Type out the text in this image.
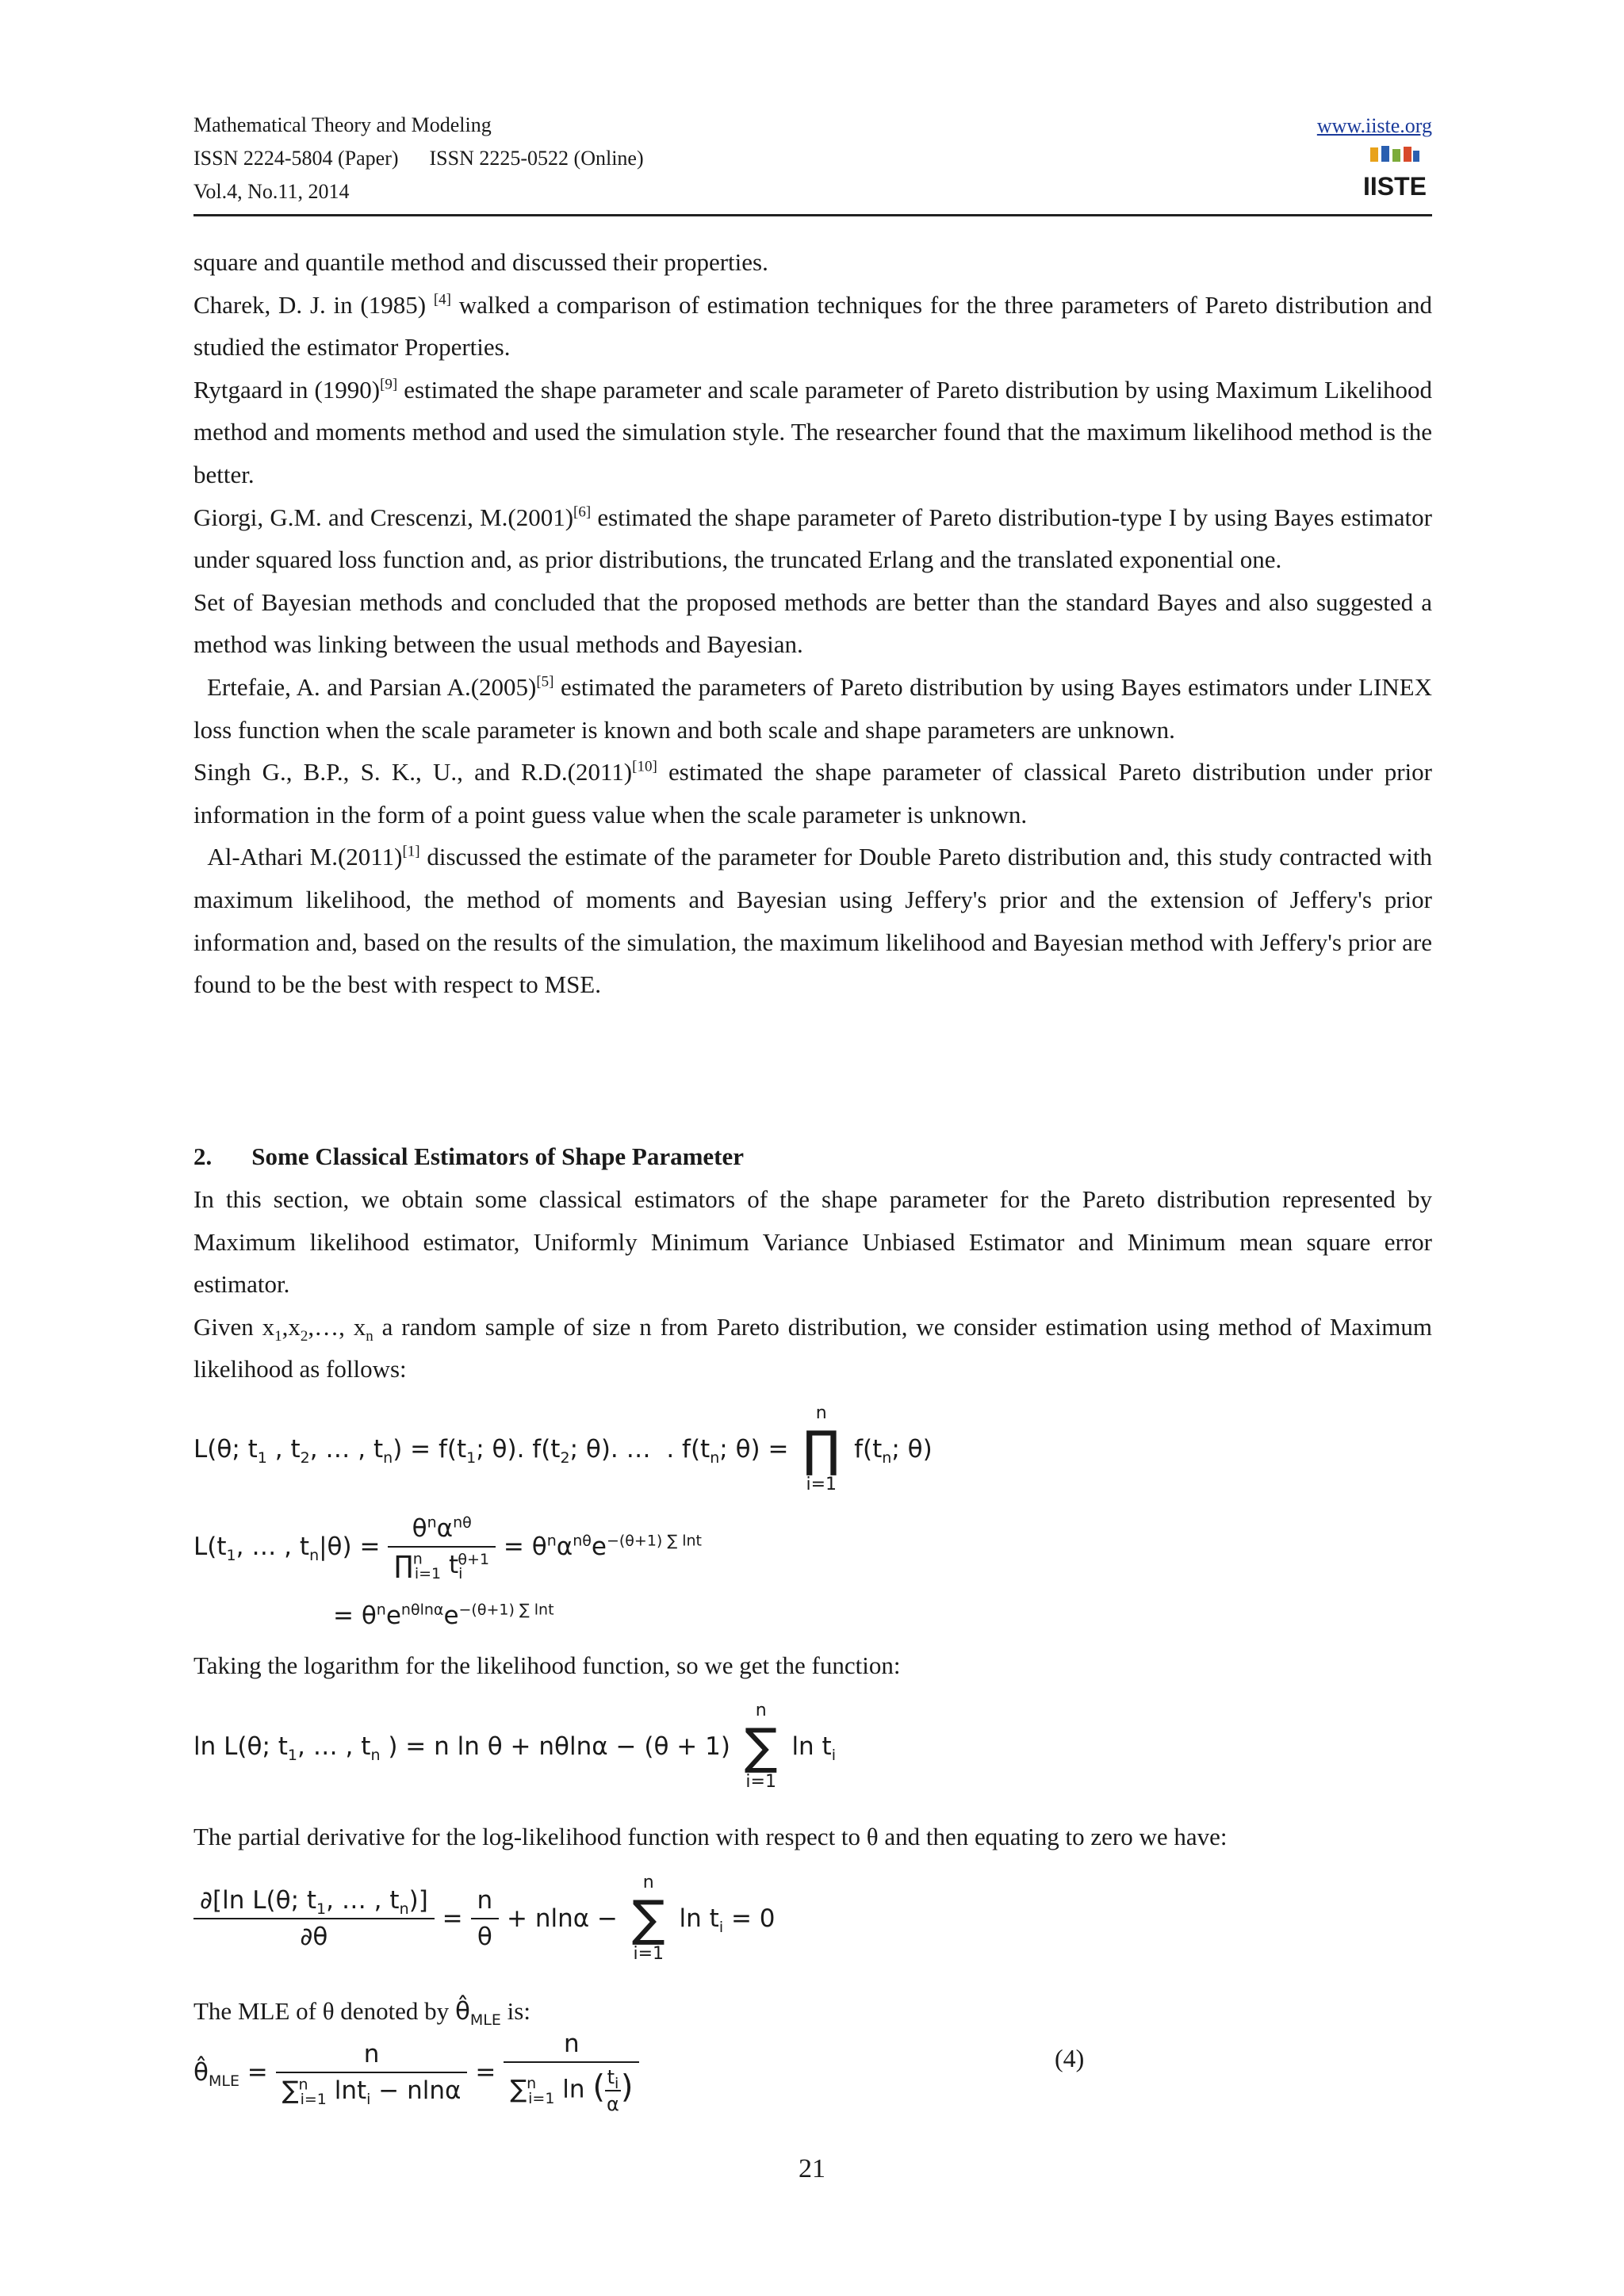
Mathematical Theory and Modeling
ISSN 2224-5804 (Paper)      ISSN 2225-0522 (Online)
Vol.4, No.11, 2014
www.iiste.org
IISTE

square and quantile method and discussed their properties.

Charek, D. J. in (1985) [4] walked a comparison of estimation techniques for the three parameters of Pareto distribution and studied the estimator Properties.

Rytgaard in (1990)[9] estimated the shape parameter and scale parameter of Pareto distribution by using Maximum Likelihood method and moments method and used the simulation style. The researcher found that the maximum likelihood method is the better.

Giorgi, G.M. and Crescenzi, M.(2001)[6] estimated the shape parameter of Pareto distribution-type I by using Bayes estimator under squared loss function and, as prior distributions, the truncated Erlang and the translated exponential one.

Set of Bayesian methods and concluded that the proposed methods are better than the standard Bayes and also suggested a method was linking between the usual methods and Bayesian.

Ertefaie, A. and Parsian A.(2005)[5] estimated the parameters of Pareto distribution by using Bayes estimators under LINEX loss function when the scale parameter is known and both scale and shape parameters are unknown.

Singh G., B.P., S. K., U., and R.D.(2011)[10] estimated the shape parameter of classical Pareto distribution under prior information in the form of a point guess value when the scale parameter is unknown.

Al-Athari M.(2011)[1] discussed the estimate of the parameter for Double Pareto distribution and, this study contracted with maximum likelihood, the method of moments and Bayesian using Jeffery's prior and the extension of Jeffery's prior information and, based on the results of the simulation, the maximum likelihood and Bayesian method with Jeffery's prior are found to be the best with respect to MSE.

2. Some Classical Estimators of Shape Parameter

In this section, we obtain some classical estimators of the shape parameter for the Pareto distribution represented by Maximum likelihood estimator, Uniformly Minimum Variance Unbiased Estimator and Minimum mean square error estimator.

Given $x_1,x_2,\dots$, $x_n$ a random sample of size n from Pareto distribution, we consider estimation using method of Maximum likelihood as follows:

L(θ; $t_1$ , $t_2$, … , $t_n) = f(t_1$; θ). $f(t_2$; θ). …  . $f(t_n$; θ) =
n
∏
i=1
$f(t_n$; θ)
$L(t_1$, … , $t_n|\theta) = \frac{\theta^n\alpha^{n\theta}}{\prod^n_{i=1} t_i^{\theta+1}} = \theta^n\alpha^{n\theta}e^{-(\theta+1) \sum lnt}$
= $\theta^ne^{n\theta ln\alpha}e^{-(\theta+1) \sum lnt}$

Taking the logarithm for the likelihood function, so we get the function:

ln L(θ; $t_1$, … , $t_n$ ) = n ln θ + nθlnα − (θ + 1)
n
∑
i=1
$\ln t_i$

The partial derivative for the log-likelihood function with respect to θ and then equating to zero we have:

$\frac{\partial[\ln L(\theta; t_1, \dots , t_n)]}{\partial\theta} = \frac{n}{\theta} + nln\alpha$ −
n
∑
i=1
$\ln t_i = 0$

The MLE of θ denoted by $\thetâ_{MLE}$ is:

$\thetâ_{MLE} = \frac{n}{\sum^n_{i=1} \ln t_i - nln\alpha} = \frac{n}{\sum^n_{i=1} \ln ( \frac{t_i}{\alpha} )}$	(4)
21
